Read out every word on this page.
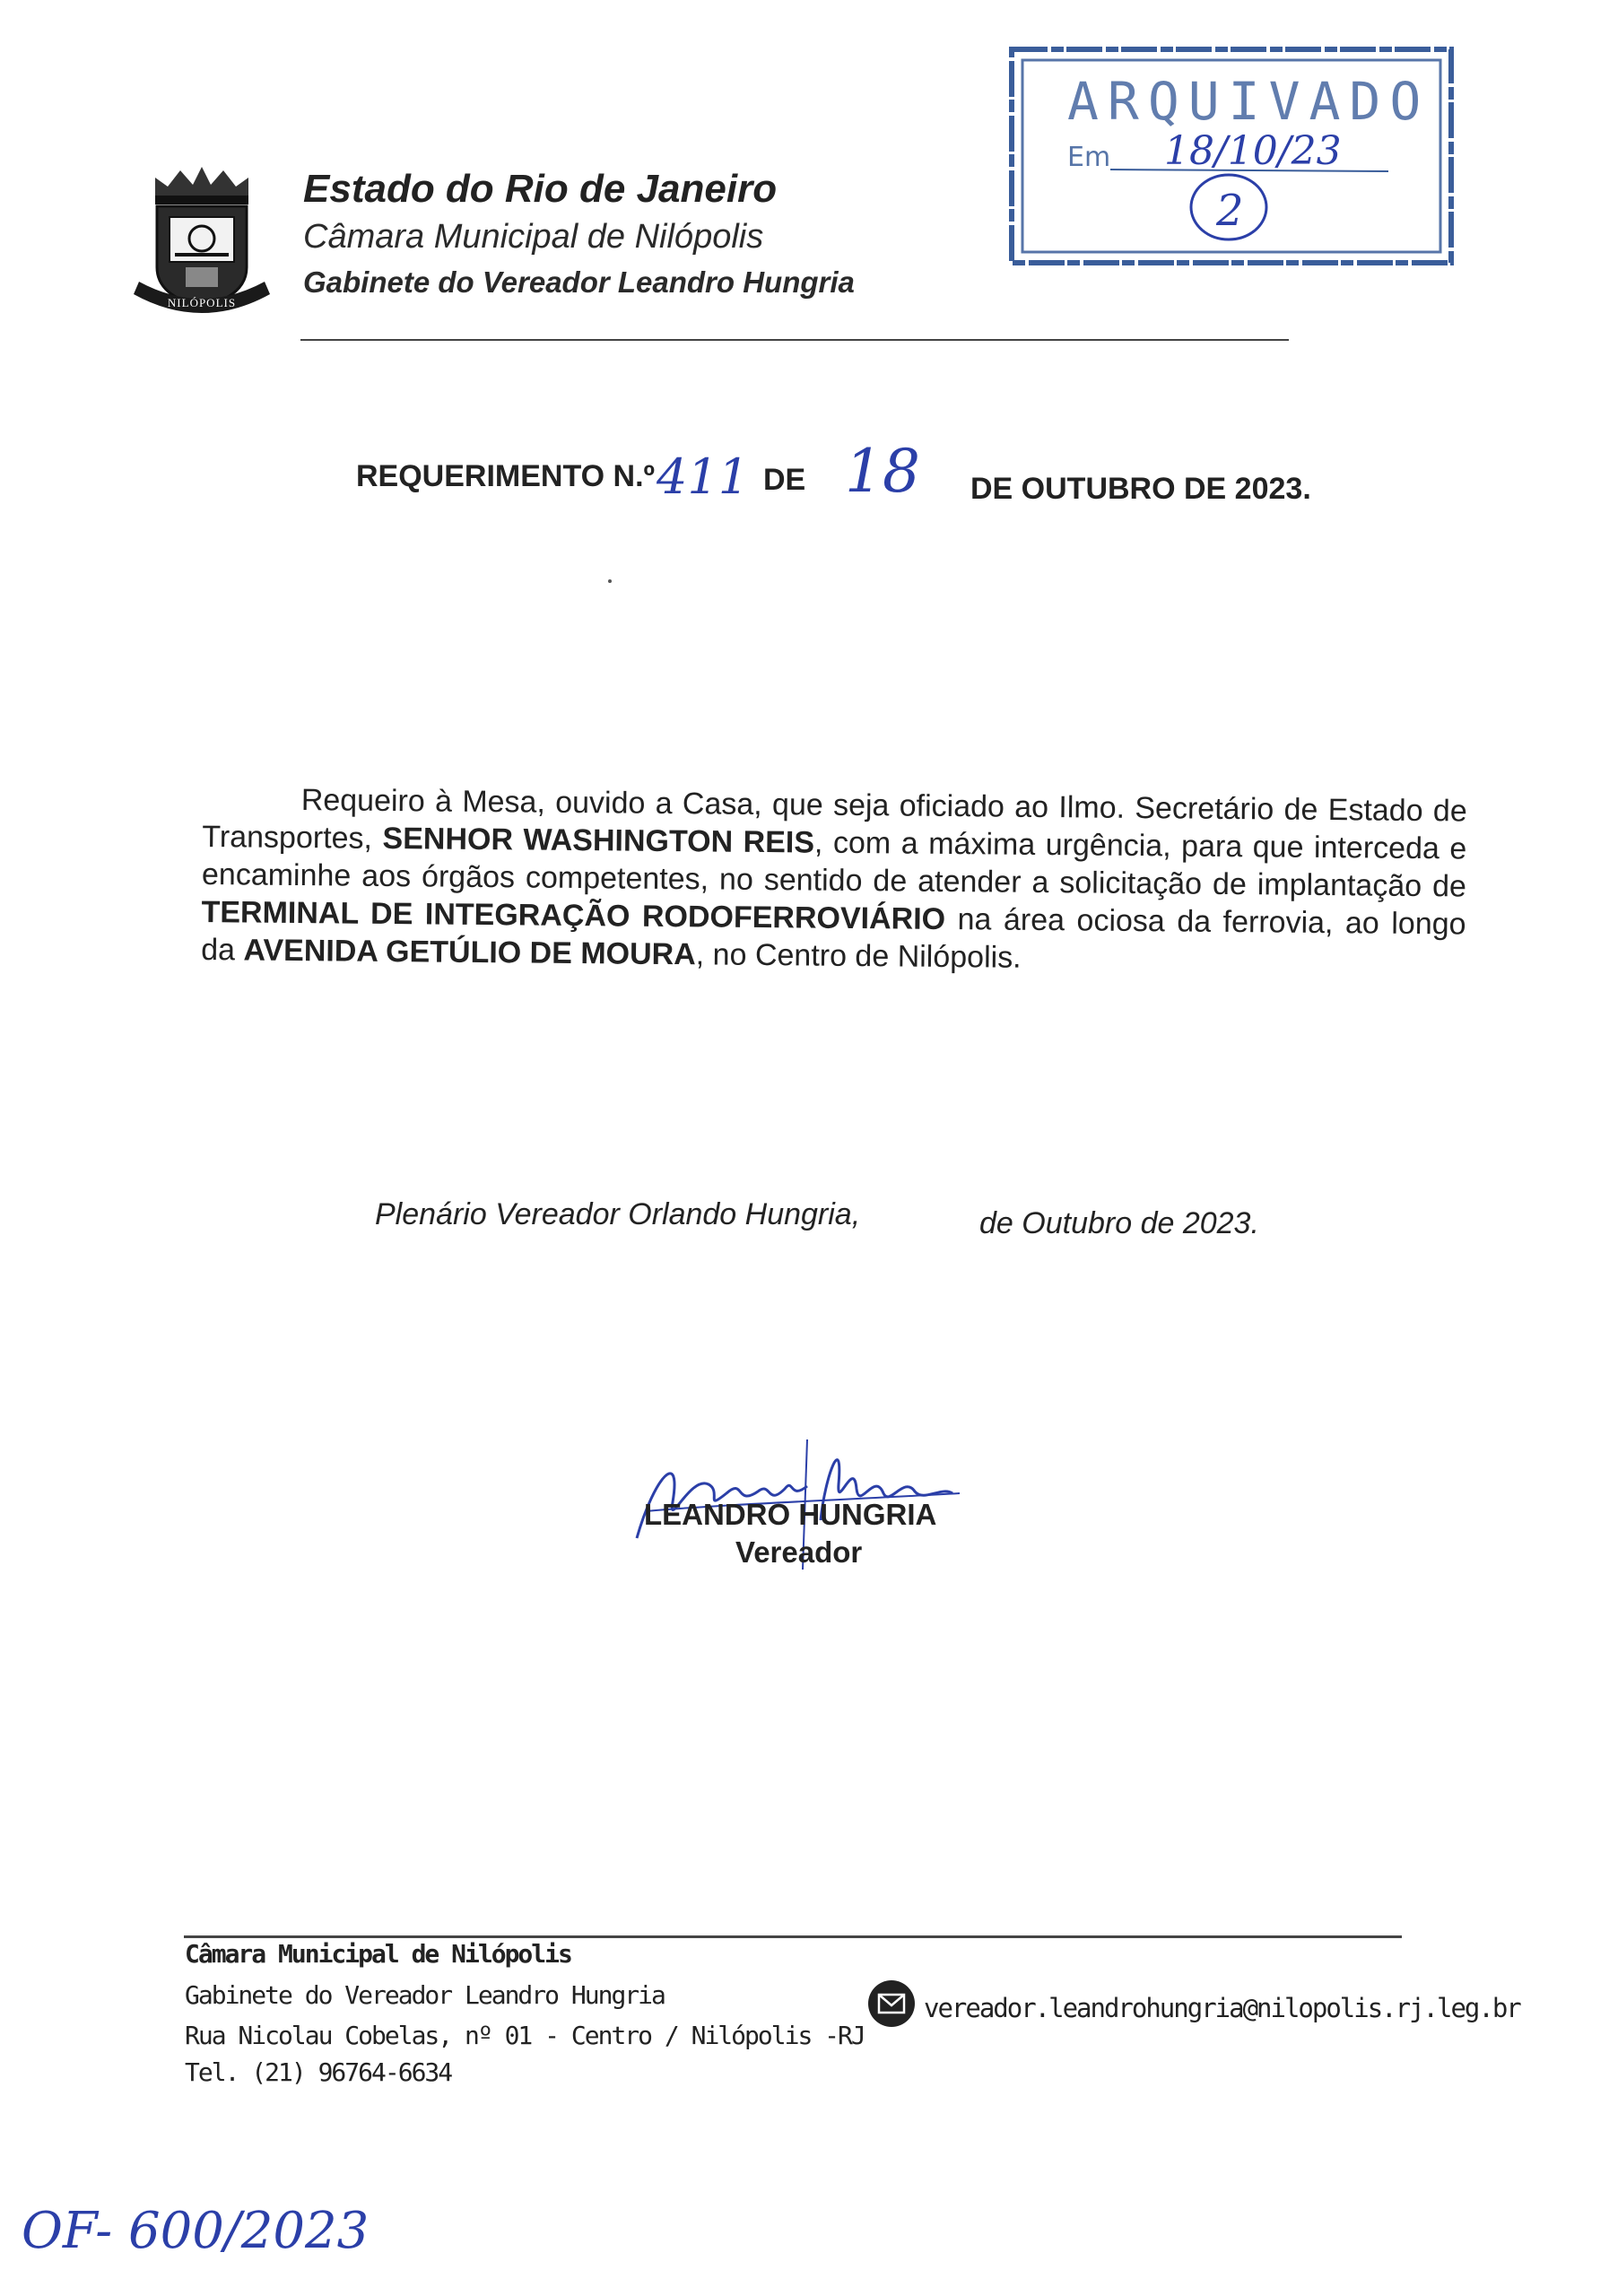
NILÓPOLIS
Estado do Rio de Janeiro
Câmara Municipal de Nilópolis
Gabinete do Vereador Leandro Hungria
ARQUIVADO
Em 18/10/23
2
REQUERIMENTO N.º 411 DE 18 DE OUTUBRO DE 2023.
Requeiro à Mesa, ouvido a Casa, que seja oficiado ao Ilmo. Secretário de Estado de Transportes, SENHOR WASHINGTON REIS, com a máxima urgência, para que interceda e encaminhe aos órgãos competentes, no sentido de atender a solicitação de implantação de TERMINAL DE INTEGRAÇÃO RODOFERROVIÁRIO na área ociosa da ferrovia, ao longo da AVENIDA GETÚLIO DE MOURA, no Centro de Nilópolis.
Plenário Vereador Orlando Hungria,	de Outubro de 2023.
LEANDRO HUNGRIA
Vereador
Câmara Municipal de Nilópolis
Gabinete do Vereador Leandro Hungria
Rua Nicolau Cobelas, nº 01 - Centro / Nilópolis -RJ
Tel. (21) 96764-6634
vereador.leandrohungria@nilopolis.rj.leg.br
OF- 600/2023
